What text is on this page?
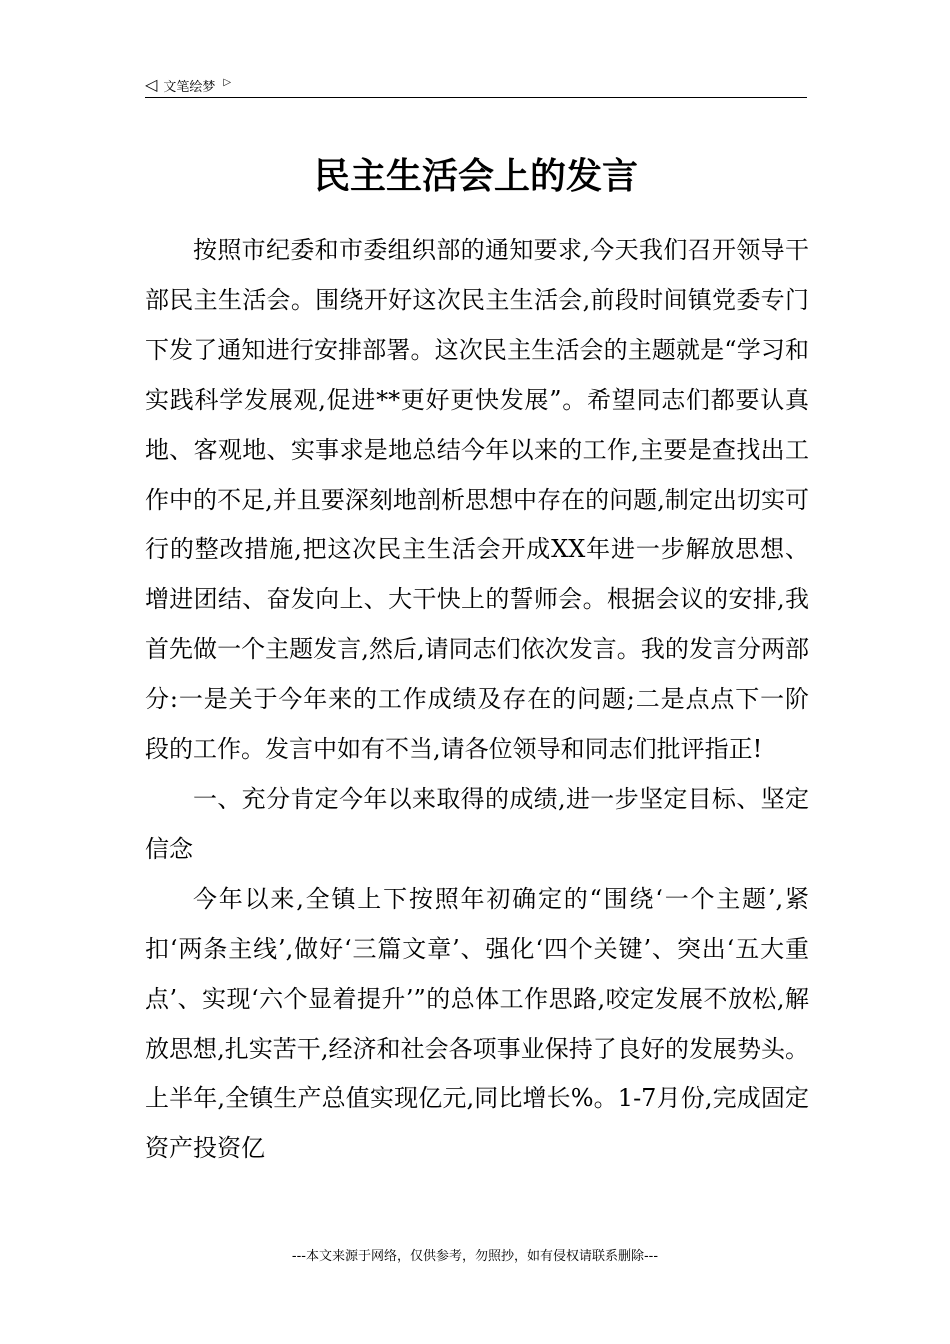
◁ 文笔绘梦 ▷
民主生活会上的发言

按照市纪委和市委组织部的通知要求,今天我们召开领导干部民主生活会。围绕开好这次民主生活会,前段时间镇党委专门下发了通知进行安排部署。这次民主生活会的主题就是“学习和实践科学发展观,促进**更好更快发展”。希望同志们都要认真地、客观地、实事求是地总结今年以来的工作,主要是查找出工作中的不足,并且要深刻地剖析思想中存在的问题,制定出切实可行的整改措施,把这次民主生活会开成XX年进一步解放思想、增进团结、奋发向上、大干快上的誓师会。根据会议的安排,我首先做一个主题发言,然后,请同志们依次发言。我的发言分两部分:一是关于今年来的工作成绩及存在的问题;二是点点下一阶段的工作。发言中如有不当,请各位领导和同志们批评指正!

一、充分肯定今年以来取得的成绩,进一步坚定目标、坚定信念

今年以来,全镇上下按照年初确定的“围绕‘一个主题’,紧扣‘两条主线’,做好‘三篇文章’、强化‘四个关键’、突出‘五大重点’、实现‘六个显着提升’”的总体工作思路,咬定发展不放松,解放思想,扎实苦干,经济和社会各项事业保持了良好的发展势头。上半年,全镇生产总值实现亿元,同比增长%。1-7月份,完成固定资产投资亿

---本文来源于网络，仅供参考，勿照抄，如有侵权请联系删除---
